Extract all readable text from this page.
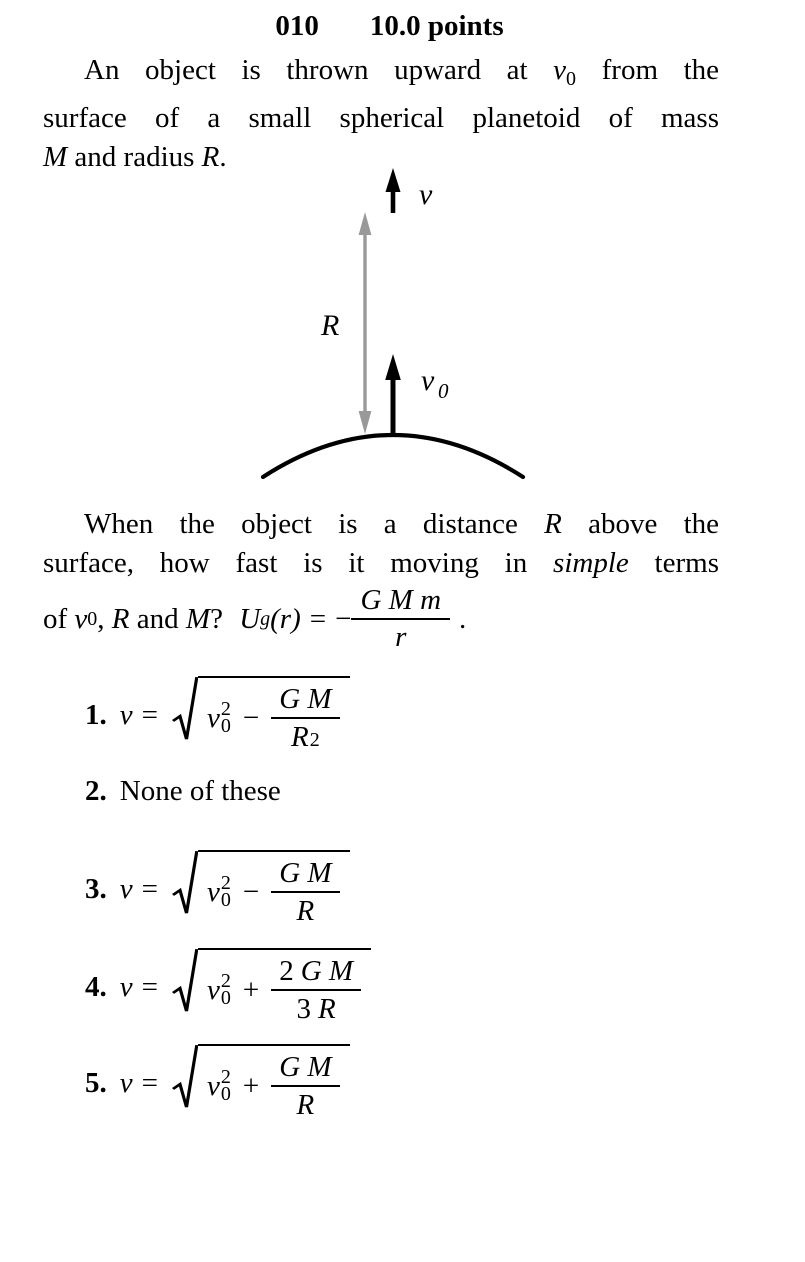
010 10.0 points
An object is thrown upward at $v_0$ from the
surface of a small spherical planetoid of mass
M and radius R.
v
R
v 0
When the object is a distance R above the
surface, how fast is it moving in simple terms
of v 0 , R and M ? U g (r) = − $\frac{\text{G M m}}{r}$ .
1. v = v 2
$0 - \frac{\text{G M}}{R 2}$
2. None of these
3. v = v 2
$0 - \frac{\text{G M}}{R}$
4. v = v 2
$0 + \frac{\text{2 G M}}{3 R}$
5. v = v 2
$0 + \frac{\text{G M}}{R}$
